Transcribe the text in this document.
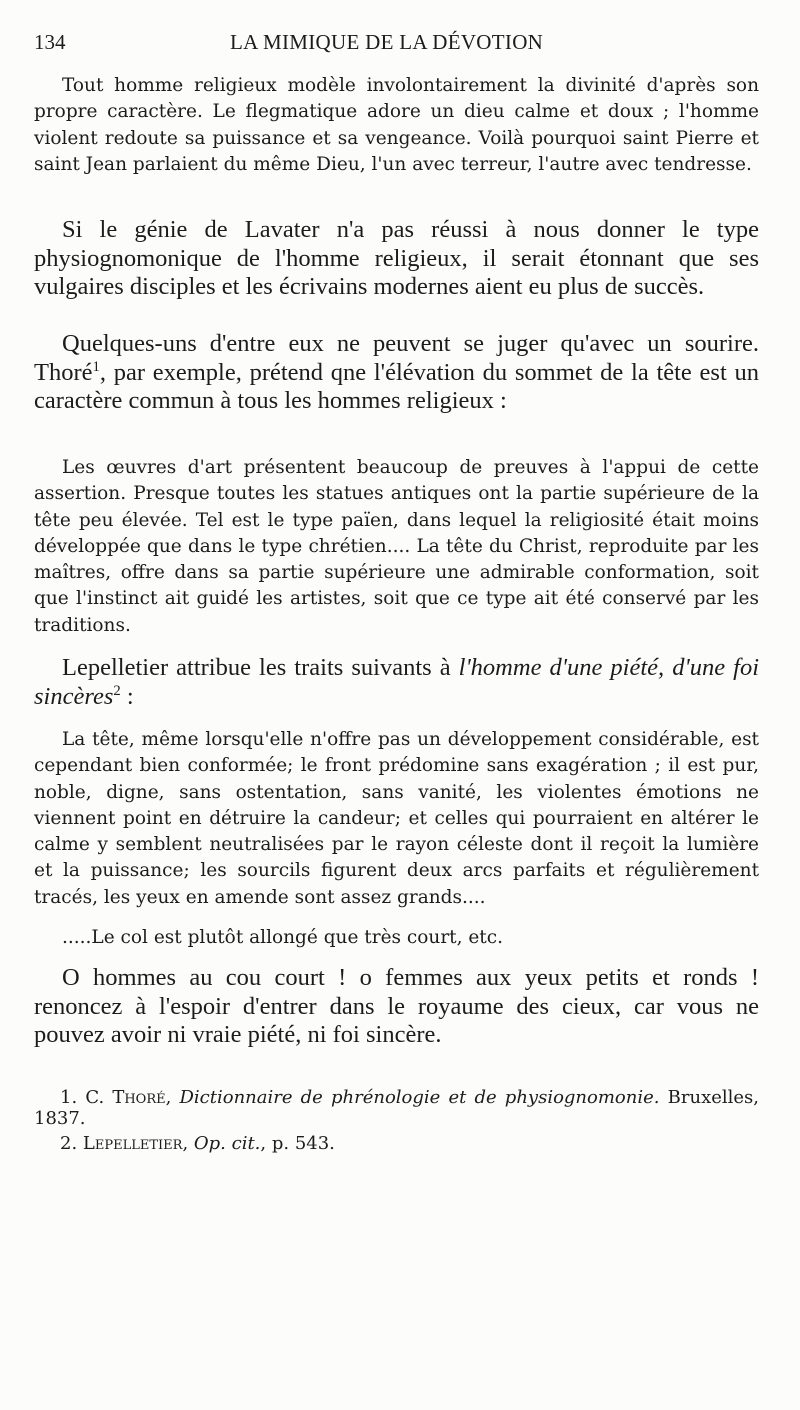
134	LA MIMIQUE DE LA DÉVOTION

Tout homme religieux modèle involontairement la divinité d'après son propre caractère. Le flegmatique adore un dieu calme et doux ; l'homme violent redoute sa puissance et sa vengeance. Voilà pourquoi saint Pierre et saint Jean parlaient du même Dieu, l'un avec terreur, l'autre avec tendresse.

Si le génie de Lavater n'a pas réussi à nous donner le type physiognomonique de l'homme religieux, il serait étonnant que ses vulgaires disciples et les écrivains modernes aient eu plus de succès.

Quelques-uns d'entre eux ne peuvent se juger qu'avec un sourire. Thoré$^1$, par exemple, prétend qne l'élévation du sommet de la tête est un caractère commun à tous les hommes religieux :

Les œuvres d'art présentent beaucoup de preuves à l'appui de cette assertion. Presque toutes les statues antiques ont la partie supérieure de la tête peu élevée. Tel est le type païen, dans lequel la religiosité était moins développée que dans le type chrétien.... La tête du Christ, reproduite par les maîtres, offre dans sa partie supérieure une admirable conformation, soit que l'instinct ait guidé les artistes, soit que ce type ait été conservé par les traditions.

Lepelletier attribue les traits suivants à l'homme d'une piété, d'une foi sincères$^2$ :

La tête, même lorsqu'elle n'offre pas un développement considérable, est cependant bien conformée; le front prédomine sans exagération ; il est pur, noble, digne, sans ostentation, sans vanité, les violentes émotions ne viennent point en détruire la candeur; et celles qui pourraient en altérer le calme y semblent neutralisées par le rayon céleste dont il reçoit la lumière et la puissance; les sourcils figurent deux arcs parfaits et régulièrement tracés, les yeux en amende sont assez grands....

.....Le col est plutôt allongé que très court, etc.

O hommes au cou court ! o femmes aux yeux petits et ronds ! renoncez à l'espoir d'entrer dans le royaume des cieux, car vous ne pouvez avoir ni vraie piété, ni foi sincère.

1. C. Thoré, Dictionnaire de phrénologie et de physiognomonie. Bruxelles, 1837.

2. Lepelletier, Op. cit., p. 543.
